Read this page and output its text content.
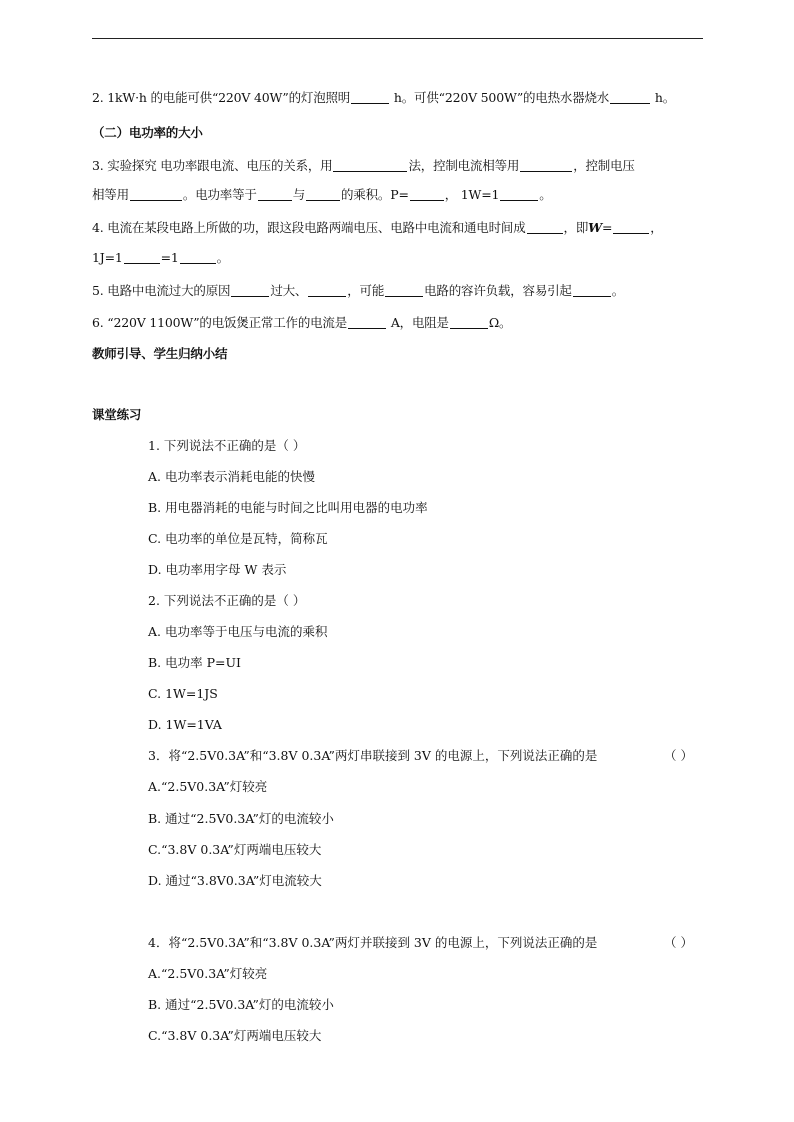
2. 1kW·h 的电能可供“220V 40W”的灯泡照明	h。可供“220V 500W”的电热水器烧水	h。
（二）电功率的大小
3. 实验探究 电功率跟电流、电压的关系，用	法，控制电流相等用	，控制电压
相等用	。电功率等于	与	的乘积。P=	， 1W=1	。
4. 电流在某段电路上所做的功，跟这段电路两端电压、电路中电流和通电时间成	，即W=	，
1J=1	=1	。
5. 电路中电流过大的原因	过大、	，可能	电路的容许负载，容易引起	。
6. “220V 1100W”的电饭煲正常工作的电流是	A，电阻是	Ω。
教师引导、学生归纳小结
课堂练习
1. 下列说法不正确的是（ ）
A. 电功率表示消耗电能的快慢
B. 用电器消耗的电能与时间之比叫用电器的电功率
C. 电功率的单位是瓦特，简称瓦
D. 电功率用字母 W 表示
2. 下列说法不正确的是（ ）
A. 电功率等于电压与电流的乘积
B. 电功率 P=UI
C. 1W=1JS
D. 1W=1VA
3．将“2.5V0.3A”和“3.8V 0.3A”两灯串联接到 3V 的电源上，下列说法正确的是	（ ）
A.“2.5V0.3A”灯较亮
B. 通过“2.5V0.3A”灯的电流较小
C.“3.8V 0.3A”灯两端电压较大
D. 通过“3.8V0.3A”灯电流较大
4．将“2.5V0.3A”和“3.8V 0.3A”两灯并联接到 3V 的电源上，下列说法正确的是	（ ）
A.“2.5V0.3A”灯较亮
B. 通过“2.5V0.3A”灯的电流较小
C.“3.8V 0.3A”灯两端电压较大
